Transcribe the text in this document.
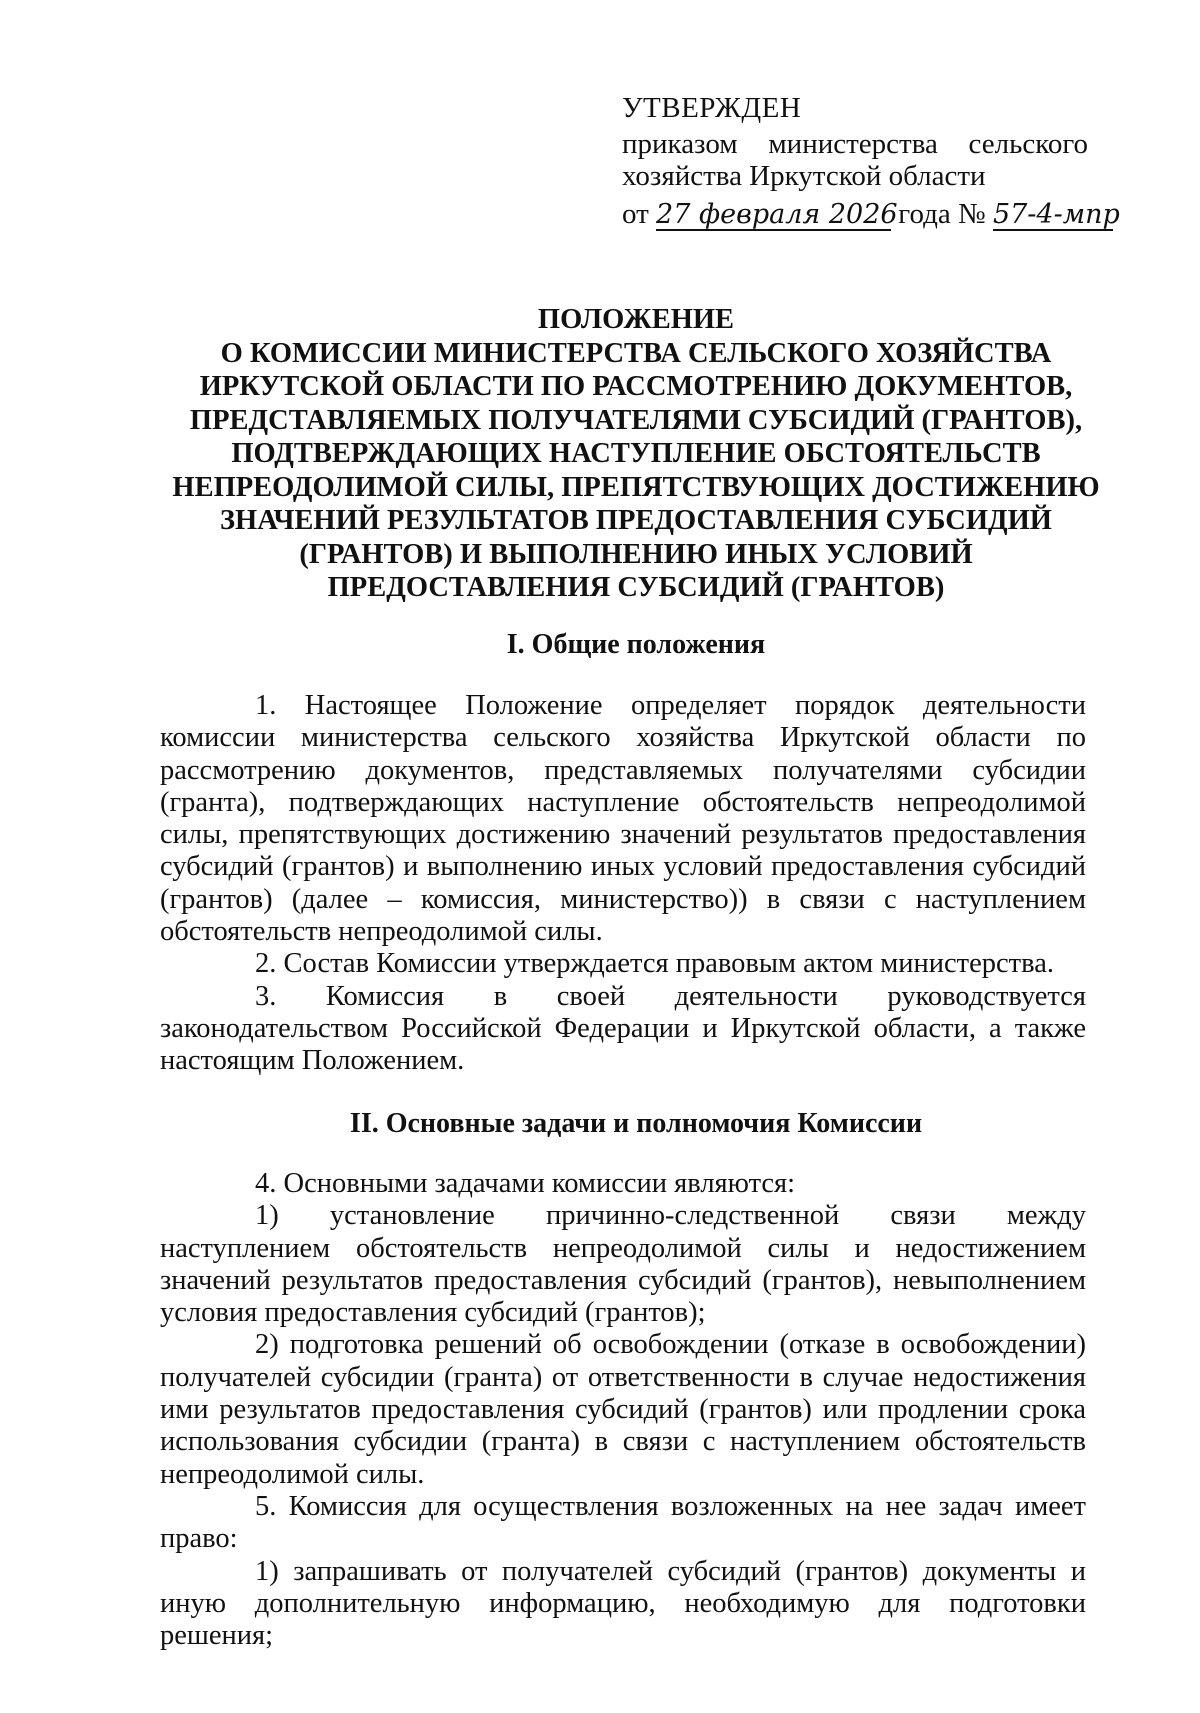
УТВЕРЖДЕН
приказом министерства сельского
хозяйства Иркутской области
от 27 февраля 2026 года № 57-4-мпр
ПОЛОЖЕНИЕ
О КОМИССИИ МИНИСТЕРСТВА СЕЛЬСКОГО ХОЗЯЙСТВА
ИРКУТСКОЙ ОБЛАСТИ ПО РАССМОТРЕНИЮ ДОКУМЕНТОВ,
ПРЕДСТАВЛЯЕМЫХ ПОЛУЧАТЕЛЯМИ СУБСИДИЙ (ГРАНТОВ),
ПОДТВЕРЖДАЮЩИХ НАСТУПЛЕНИЕ ОБСТОЯТЕЛЬСТВ
НЕПРЕОДОЛИМОЙ СИЛЫ, ПРЕПЯТСТВУЮЩИХ ДОСТИЖЕНИЮ
ЗНАЧЕНИЙ РЕЗУЛЬТАТОВ ПРЕДОСТАВЛЕНИЯ СУБСИДИЙ
(ГРАНТОВ) И ВЫПОЛНЕНИЮ ИНЫХ УСЛОВИЙ
ПРЕДОСТАВЛЕНИЯ СУБСИДИЙ (ГРАНТОВ)
I. Общие положения

1. Настоящее Положение определяет порядок деятельности комиссии министерства сельского хозяйства Иркутской области по рассмотрению документов, представляемых получателями субсидии (гранта), подтверждающих наступление обстоятельств непреодолимой силы, препятствующих достижению значений результатов предоставления субсидий (грантов) и выполнению иных условий предоставления субсидий (грантов) (далее – комиссия, министерство)) в связи с наступлением обстоятельств непреодолимой силы.

2. Состав Комиссии утверждается правовым актом министерства.

3. Комиссия в своей деятельности руководствуется законодательством Российской Федерации и Иркутской области, а также настоящим Положением.

II. Основные задачи и полномочия Комиссии

4. Основными задачами комиссии являются:

1) установление причинно-следственной связи между наступлением обстоятельств непреодолимой силы и недостижением значений результатов предоставления субсидий (грантов), невыполнением условия предоставления субсидий (грантов);

2) подготовка решений об освобождении (отказе в освобождении) получателей субсидии (гранта) от ответственности в случае недостижения ими результатов предоставления субсидий (грантов) или продлении срока использования субсидии (гранта) в связи с наступлением обстоятельств непреодолимой силы.

5. Комиссия для осуществления возложенных на нее задач имеет право:

1) запрашивать от получателей субсидий (грантов) документы и иную дополнительную информацию, необходимую для подготовки решения;
